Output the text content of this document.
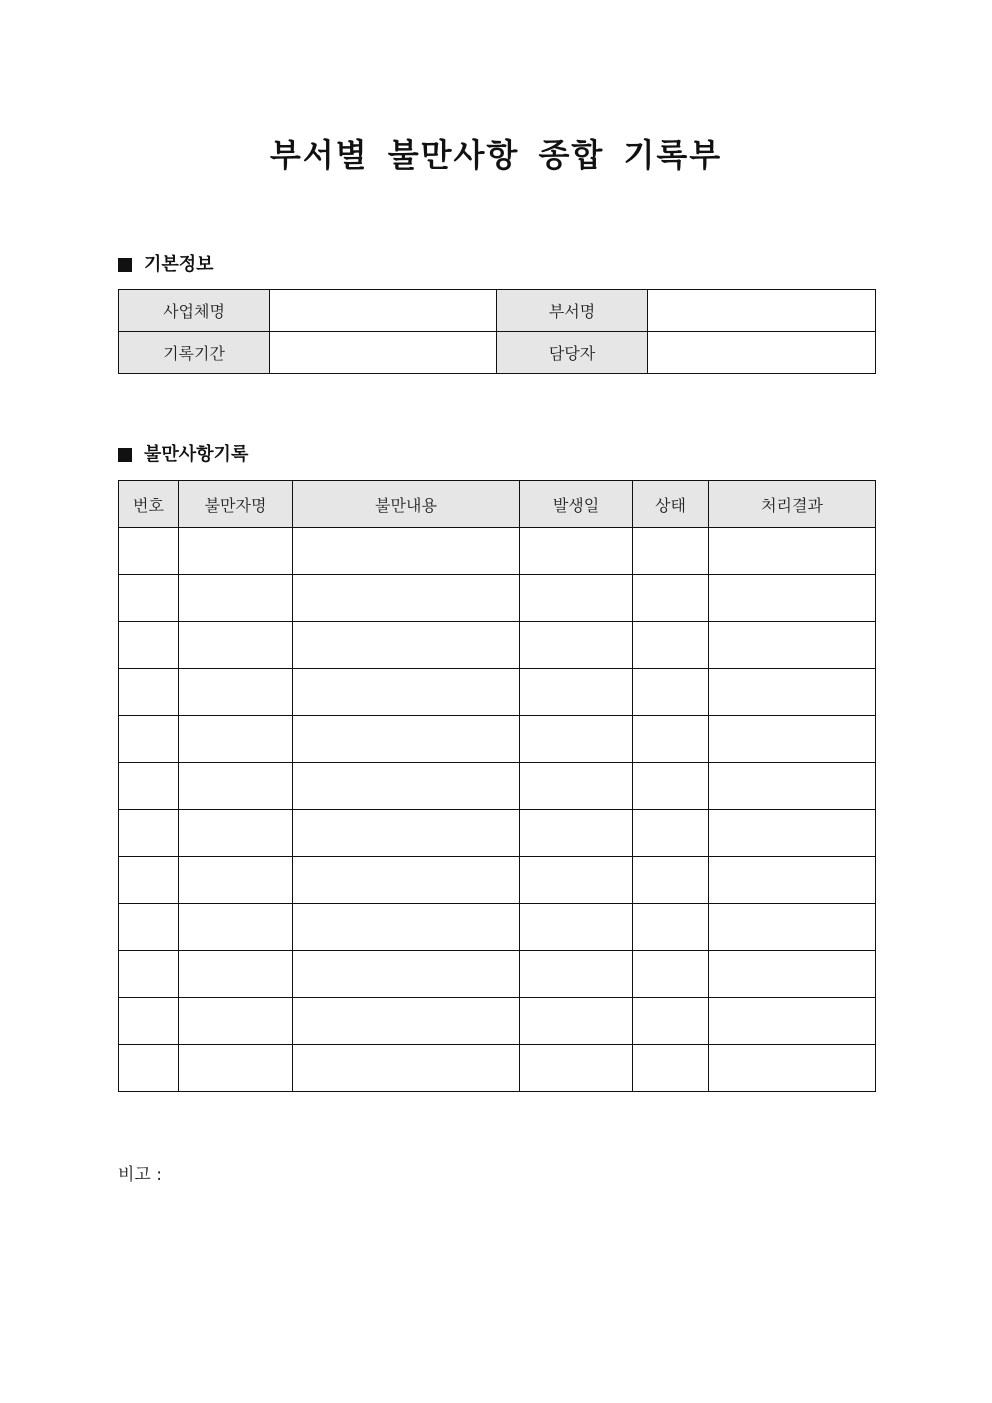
부서별 불만사항 종합 기록부
기본정보
사업체명		부서명	
기록기간		담당자	
불만사항기록
번호	불만자명	불만내용	발생일	상태	처리결과

비고 :
